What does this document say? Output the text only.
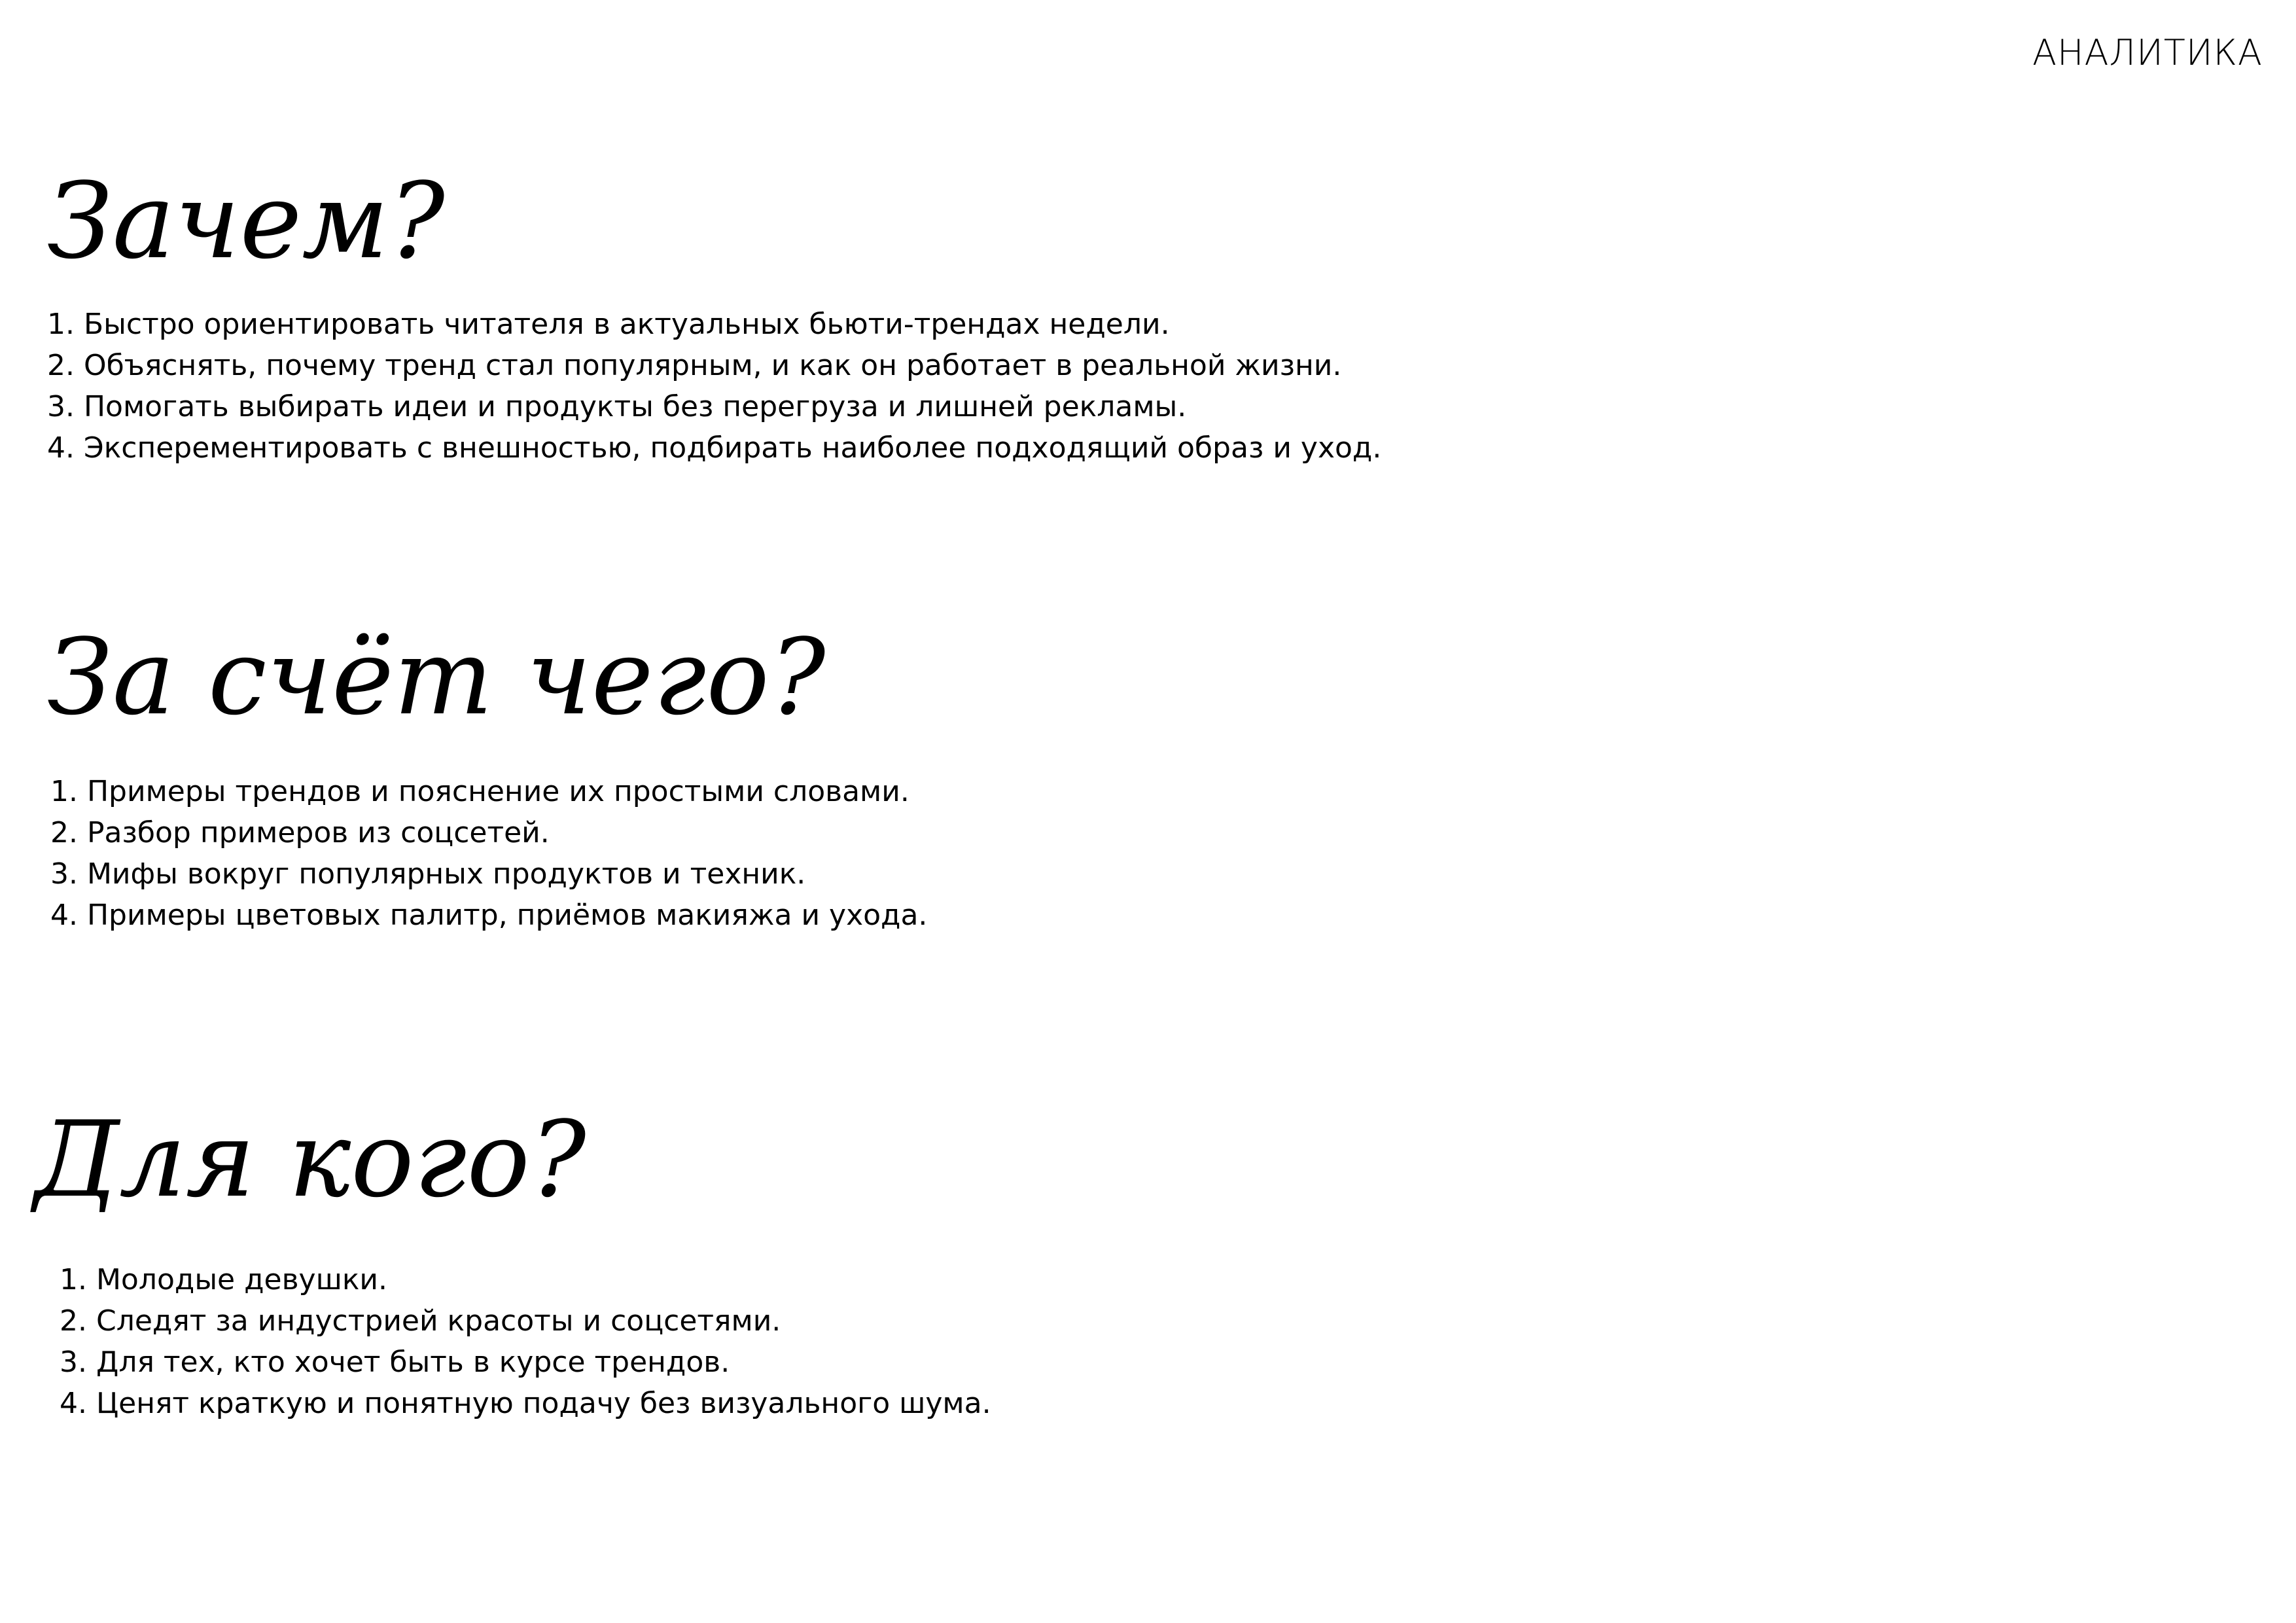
АНАЛИТИКА
Зачем?
1. Быстро ориентировать читателя в актуальных бьюти-трендах недели.
2. Объяснять, почему тренд стал популярным, и как он работает в реальной жизни.
3. Помогать выбирать идеи и продукты без перегруза и лишней рекламы.
4. Эксперементировать с внешностью, подбирать наиболее подходящий образ и уход.
За счёт чего?
1. Примеры трендов и пояснение их простыми словами.
2. Разбор примеров из соцсетей.
3. Мифы вокруг популярных продуктов и техник.
4. Примеры цветовых палитр, приёмов макияжа и ухода.
Для кого?
1. Молодые девушки.
2. Следят за индустрией красоты и соцсетями.
3. Для тех, кто хочет быть в курсе трендов.
4. Ценят краткую и понятную подачу без визуального шума.
